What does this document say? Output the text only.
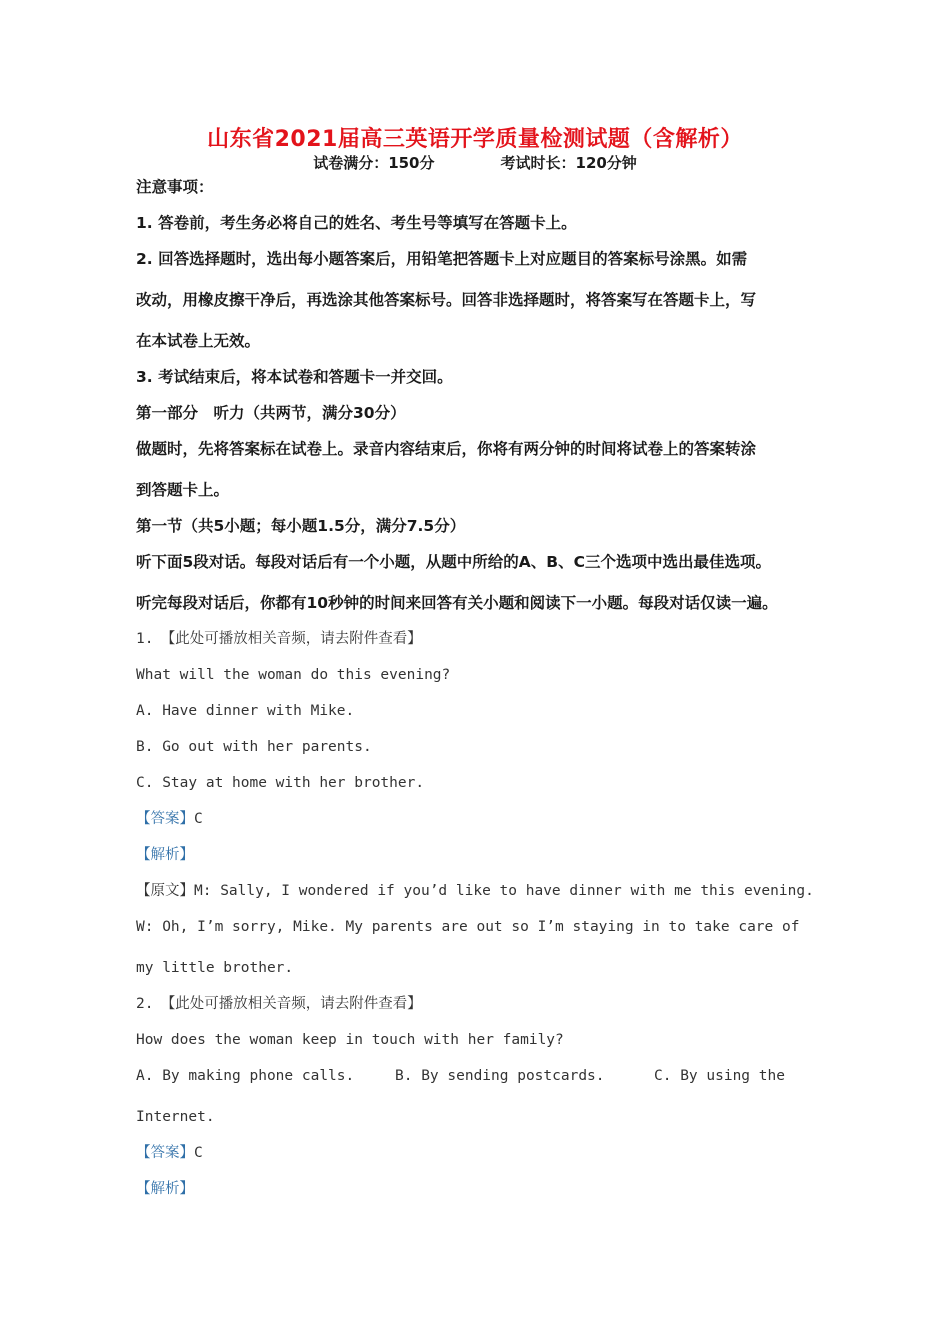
山东省2021届高三英语开学质量检测试题（含解析）
试卷满分：150分	考试时长：120分钟
注意事项：
1. 答卷前，考生务必将自己的姓名、考生号等填写在答题卡上。
2. 回答选择题时，选出每小题答案后，用铅笔把答题卡上对应题目的答案标号涂黑。如需
改动，用橡皮擦干净后，再选涂其他答案标号。回答非选择题时，将答案写在答题卡上，写
在本试卷上无效。
3. 考试结束后，将本试卷和答题卡一并交回。
第一部分　听力（共两节，满分30分）
做题时，先将答案标在试卷上。录音内容结束后，你将有两分钟的时间将试卷上的答案转涂
到答题卡上。
第一节（共5小题；每小题1.5分，满分7.5分）
听下面5段对话。每段对话后有一个小题，从题中所给的A、B、C三个选项中选出最佳选项。
听完每段对话后，你都有10秒钟的时间来回答有关小题和阅读下一小题。每段对话仅读一遍。
1.　【此处可播放相关音频，请去附件查看】
What will the woman do this evening?
A. Have dinner with Mike.
B. Go out with her parents.
C. Stay at home with her brother.
【答案】C
【解析】
【原文】M: Sally, I wondered if you’d like to have dinner with me this evening.
W: Oh, I’m sorry, Mike. My parents are out so I’m staying in to take care of
my little brother.
2.　【此处可播放相关音频，请去附件查看】
How does the woman keep in touch with her family?
A. By making phone calls.	B. By sending postcards.	C. By using the
Internet.
【答案】C
【解析】
